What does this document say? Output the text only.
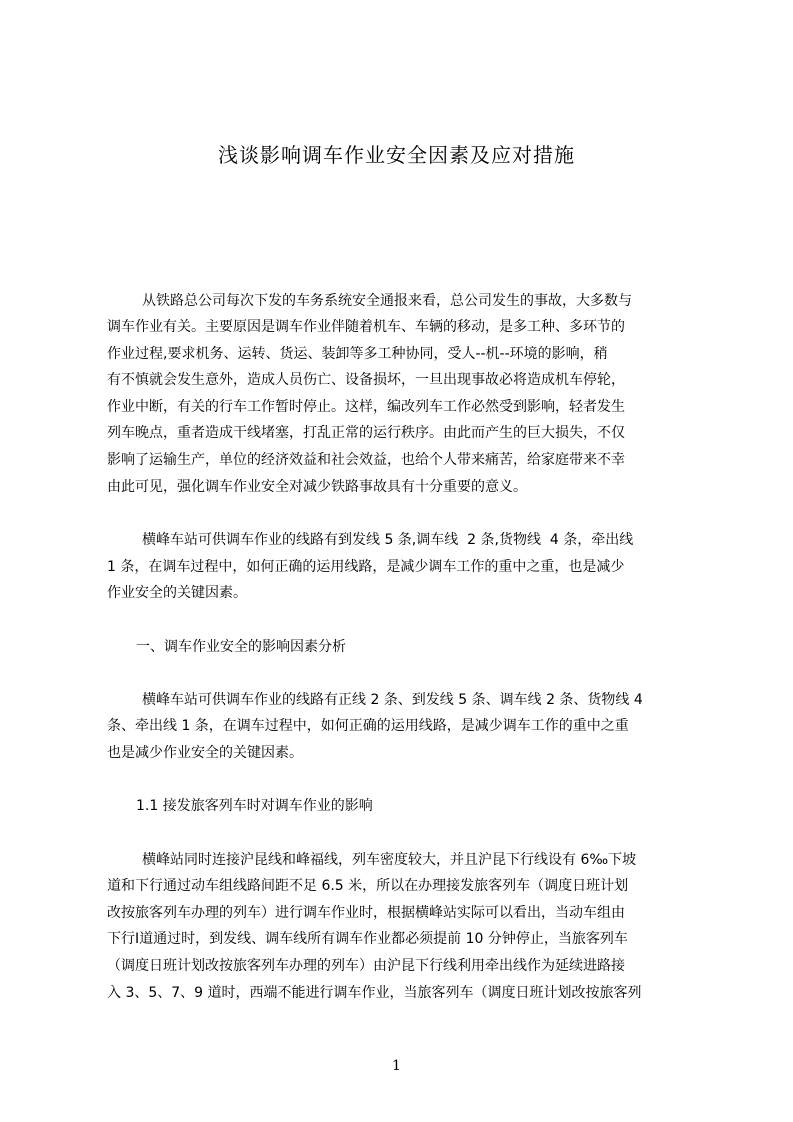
浅谈影响调车作业安全因素及应对措施
从铁路总公司每次下发的车务系统安全通报来看，总公司发生的事故，大多数与
调车作业有关。主要原因是调车作业伴随着机车、车辆的移动，是多工种、多环节的
作业过程,要求机务、运转、货运、装卸等多工种协同，受人--机--环境的影响，稍
有不慎就会发生意外，造成人员伤亡、设备损坏，一旦出现事故必将造成机车停轮，
作业中断，有关的行车工作暂时停止。这样，编改列车工作必然受到影响，轻者发生
列车晚点，重者造成干线堵塞，打乱正常的运行秩序。由此而产生的巨大损失，不仅
影响了运输生产，单位的经济效益和社会效益，也给个人带来痛苦，给家庭带来不幸
由此可见，强化调车作业安全对减少铁路事故具有十分重要的意义。
横峰车站可供调车作业的线路有到发线 5 条,调车线  2 条,货物线  4 条，牵出线
1 条，在调车过程中，如何正确的运用线路，是减少调车工作的重中之重，也是减少
作业安全的关键因素。
一、调车作业安全的影响因素分析
横峰车站可供调车作业的线路有正线 2 条、到发线 5 条、调车线 2 条、货物线 4
条、牵出线 1 条，在调车过程中，如何正确的运用线路，是减少调车工作的重中之重
也是减少作业安全的关键因素。
1.1 接发旅客列车时对调车作业的影响
横峰站同时连接沪昆线和峰福线，列车密度较大，并且沪昆下行线设有 6‰下坡
道和下行通过动车组线路间距不足 6.5 米，所以在办理接发旅客列车（调度日班计划
改按旅客列车办理的列车）进行调车作业时，根据横峰站实际可以看出，当动车组由
下行Ⅰ道通过时，到发线、调车线所有调车作业都必须提前 10 分钟停止，当旅客列车
（调度日班计划改按旅客列车办理的列车）由沪昆下行线利用牵出线作为延续进路接
入 3、5、7、9 道时，西端不能进行调车作业，当旅客列车（调度日班计划改按旅客列
1
